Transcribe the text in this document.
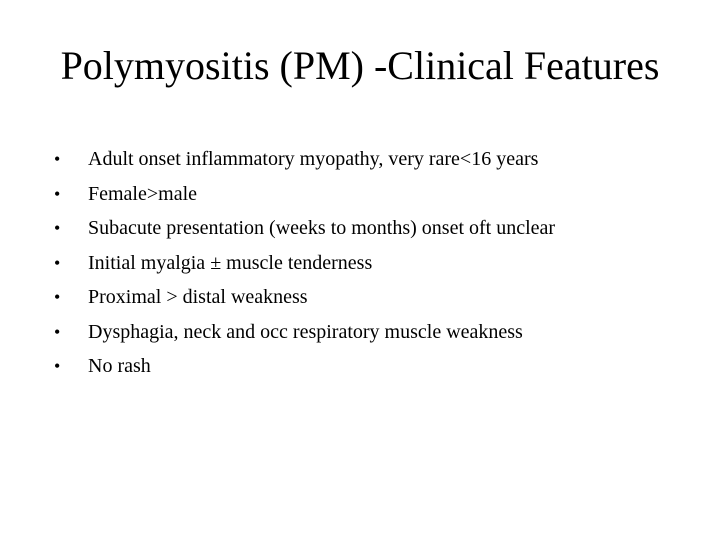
Polymyositis (PM) -Clinical Features
•	Adult onset inflammatory myopathy, very rare<16 years
•	Female>male
•	Subacute presentation (weeks to months) onset oft unclear
•	Initial myalgia ± muscle tenderness
•	Proximal > distal weakness
•	Dysphagia, neck and occ respiratory muscle weakness
•	No rash
